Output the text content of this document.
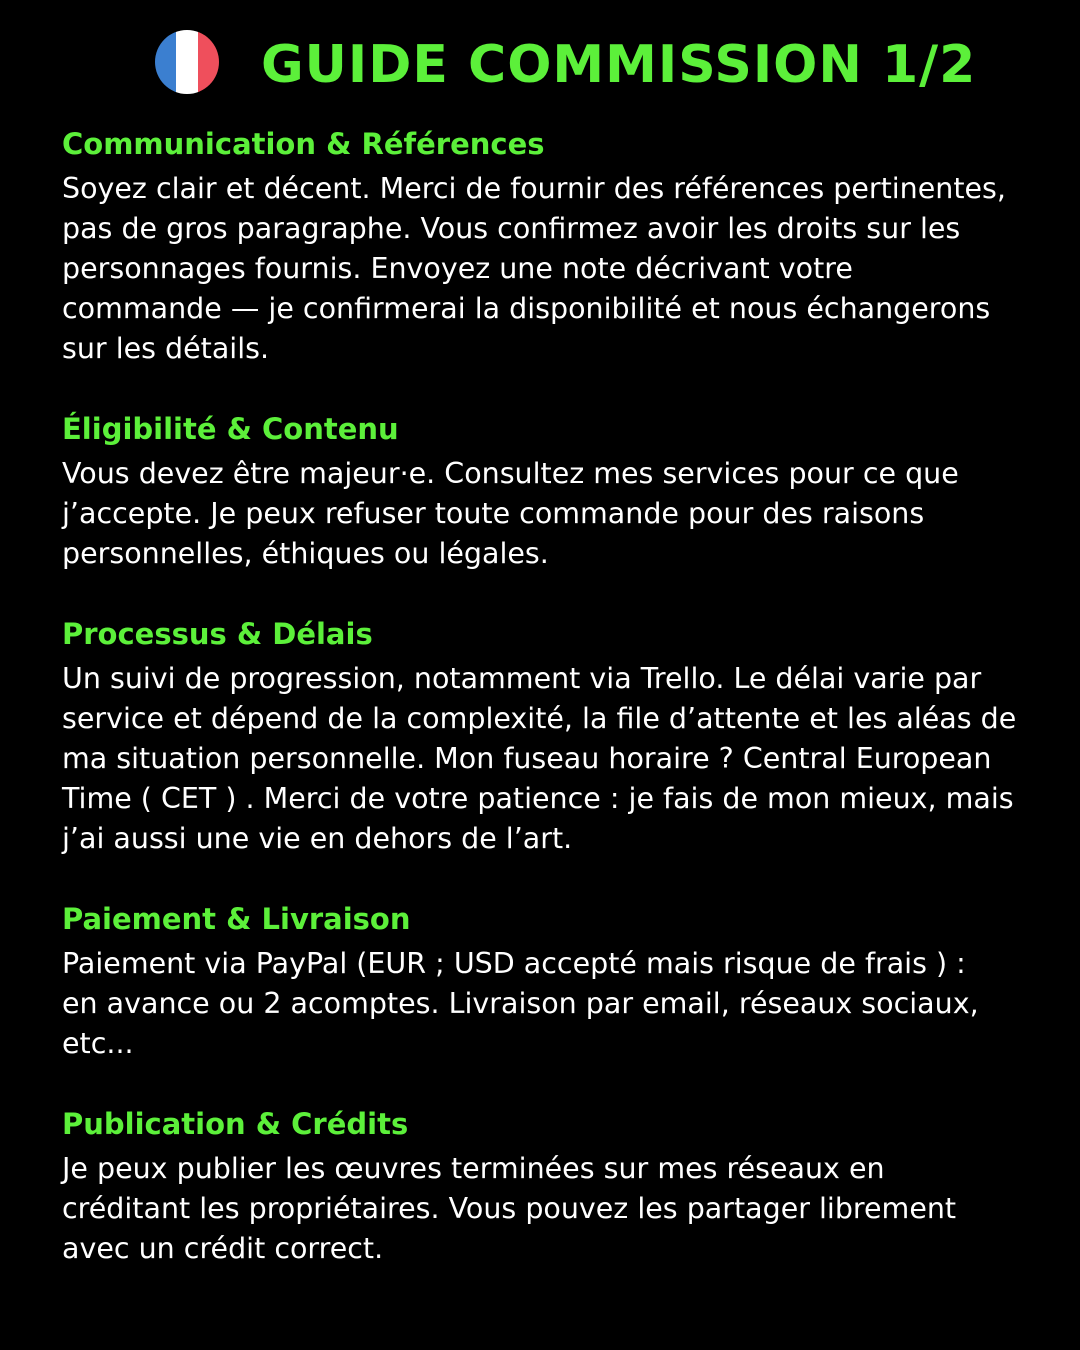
GUIDE COMMISSION 1/2
Communication & Références

Soyez clair et décent. Merci de fournir des références pertinentes,
pas de gros paragraphe. Vous confirmez avoir les droits sur les
personnages fournis. Envoyez une note décrivant votre
commande — je confirmerai la disponibilité et nous échangerons
sur les détails.

Éligibilité & Contenu

Vous devez être majeur·e. Consultez mes services pour ce que
j’accepte. Je peux refuser toute commande pour des raisons
personnelles, éthiques ou légales.

Processus & Délais

Un suivi de progression, notamment via Trello. Le délai varie par
service et dépend de la complexité, la file d’attente et les aléas de
ma situation personnelle. Mon fuseau horaire ? Central European
Time ( CET ) . Merci de votre patience : je fais de mon mieux, mais
j’ai aussi une vie en dehors de l’art.

Paiement & Livraison

Paiement via PayPal (EUR ; USD accepté mais risque de frais ) :
en avance ou 2 acomptes. Livraison par email, réseaux sociaux,
etc...

Publication & Crédits

Je peux publier les œuvres terminées sur mes réseaux en
créditant les propriétaires. Vous pouvez les partager librement
avec un crédit correct.
